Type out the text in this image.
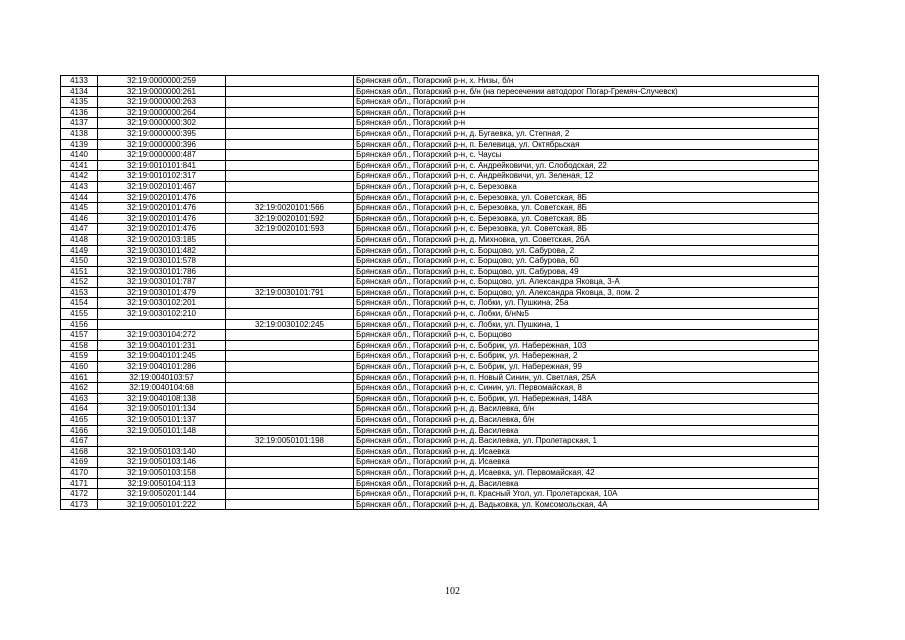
4133	32:19:0000000:259		Брянская обл., Погарский р-н, х. Низы, б/н
4134	32:19:0000000:261		Брянская обл., Погарский р-н, б/н (на пересечении автодорог Погар-Гремяч-Случевск)
4135	32:19:0000000:263		Брянская обл., Погарский р-н
4136	32:19:0000000:264		Брянская обл., Погарский р-н
4137	32:19:0000000:302		Брянская обл., Погарский р-н
4138	32:19:0000000:395		Брянская обл., Погарский р-н, д. Бугаевка, ул. Степная, 2
4139	32:19:0000000:396		Брянская обл., Погарский р-н, п. Белевица, ул. Октябрьская
4140	32:19:0000000:487		Брянская обл., Погарский р-н, с. Чаусы
4141	32:19:0010101:841		Брянская обл., Погарский р-н, с. Андрейковичи, ул. Слободская, 22
4142	32:19:0010102:317		Брянская обл., Погарский р-н, с. Андрейковичи, ул. Зеленая, 12
4143	32:19:0020101:467		Брянская обл., Погарский р-н, с. Березовка
4144	32:19:0020101:476		Брянская обл., Погарский р-н, с. Березовка, ул. Советская, 8Б
4145	32:19:0020101:476	32:19:0020101:566	Брянская обл., Погарский р-н, с. Березовка, ул. Советская, 8Б
4146	32:19:0020101:476	32:19:0020101:592	Брянская обл., Погарский р-н, с. Березовка, ул. Советская, 8Б
4147	32:19:0020101:476	32:19:0020101:593	Брянская обл., Погарский р-н, с. Березовка, ул. Советская, 8Б
4148	32:19:0020103:185		Брянская обл., Погарский р-н, д. Михновка, ул. Советская, 26А
4149	32:19:0030101:482		Брянская обл., Погарский р-н, с. Борщово, ул. Сабурова, 2
4150	32:19:0030101:578		Брянская обл., Погарский р-н, с. Борщово, ул. Сабурова, 60
4151	32:19:0030101:786		Брянская обл., Погарский р-н, с. Борщово, ул. Сабурова, 49
4152	32:19:0030101:787		Брянская обл., Погарский р-н, с. Борщово, ул. Александра Яковца, 3-А
4153	32:19:0030101:479	32:19:0030101:791	Брянская обл., Погарский р-н, с. Борщово, ул. Александра Яковца, 3, пом. 2
4154	32:19:0030102:201		Брянская обл., Погарский р-н, с. Лобки, ул. Пушкина, 25а
4155	32:19:0030102:210		Брянская обл., Погарский р-н, с. Лобки, б/н№5
4156		32:19:0030102:245	Брянская обл., Погарский р-н, с. Лобки, ул. Пушкина, 1
4157	32:19:0030104:272		Брянская обл., Погарский р-н, с. Борщово
4158	32:19:0040101:231		Брянская обл., Погарский р-н, с. Бобрик, ул. Набережная, 103
4159	32:19:0040101:245		Брянская обл., Погарский р-н, с. Бобрик, ул. Набережная, 2
4160	32:19:0040101:286		Брянская обл., Погарский р-н, с. Бобрик, ул. Набережная, 99
4161	32:19:0040103:57		Брянская обл., Погарский р-н, п. Новый Синин, ул. Светлая, 25А
4162	32:19:0040104:68		Брянская обл., Погарский р-н, с. Синин, ул. Первомайская, 8
4163	32:19:0040108:138		Брянская обл., Погарский р-н, с. Бобрик, ул. Набережная, 148А
4164	32:19:0050101:134		Брянская обл., Погарский р-н, д. Василевка, б/н
4165	32:19:0050101:137		Брянская обл., Погарский р-н, д. Василевка, б/н
4166	32:19:0050101:148		Брянская обл., Погарский р-н, д. Василевка
4167		32:19:0050101:198	Брянская обл., Погарский р-н, д. Василевка, ул. Пролетарская, 1
4168	32:19:0050103:140		Брянская обл., Погарский р-н, д. Исаевка
4169	32:19:0050103:146		Брянская обл., Погарский р-н, д. Исаевка
4170	32:19:0050103:158		Брянская обл., Погарский р-н, д. Исаевка, ул. Первомайская, 42
4171	32:19:0050104:113		Брянская обл., Погарский р-н, д. Василевка
4172	32:19:0050201:144		Брянская обл., Погарский р-н, п. Красный Угол, ул. Пролетарская, 10А
4173	32:19:0050101:222		Брянская обл., Погарский р-н, д. Вадьковка, ул. Комсомольская, 4А
102
